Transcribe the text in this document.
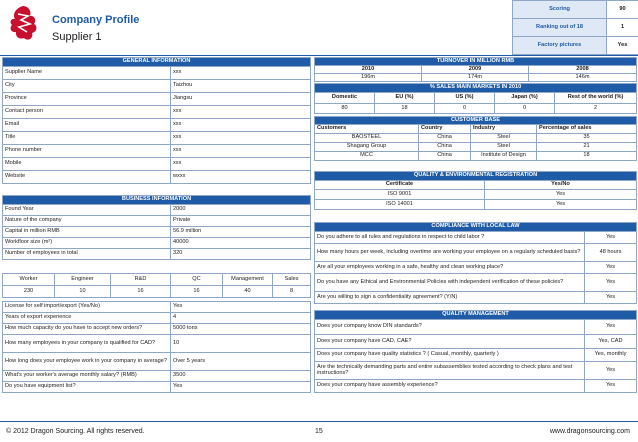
Company Profile
Supplier 1
Scoring	90
Ranking out of 18	1
Factory pictures	Yes
GENERAL INFORMATION	
Supplier Name	xxx
City	Taizhou
Province	Jiangsu
Contact person	xxx
Email	xxx
Title	xxx
Phone number	xxx
Mobile	xxx
Website	wxxx
BUSINESS INFORMATION	
Found Year	2000
Nature of the company	Private
Capital in million RMB	56.9 million
Workfloor size (m²)	40000
Number of employees in total	320
Worker	Engineer	R&D	QC	Management	Sales
230	10	16	16	40	8
License for self import/export (Yes/No)	Yes
Years of export experience	4
How much capacity do you have to accept new orders?	5000 tons
How many employees in your company is qualified for CAD?	10
How long does your employee work in your company in average?	Over 5 years
What's your worker's average monthly salary? (RMB)	3500
Do you have equipment list?	Yes
TURNOVER IN MILLION RMB		
2010	2009	2008
196m	174m	146m
% SALES MAIN MARKETS IN 2010				
Domestic	EU (%)	US (%)	Japan (%)	Rest of the world (%)
80	18	0	0	2
CUSTOMER BASE			
Customers	Country	Industry	Percentage of sales
BAOSTEEL	China	Steel	35
Shagang Group	China	Steel	21
MCC	China	Institute of Design	18
QUALITY & ENVIRONMENTAL REGISTRATION	
Certificate	Yes/No
ISO 9001	Yes
ISO 14001	Yes
COMPLIANCE WITH LOCAL LAW	
Do you adhere to all rules and regulations in respect to child labor ?	Yes
How many hours per week, including overtime are working your employee on a regularly scheduled basis?	48 hours
Are all your employees working in a safe, healthy and clean working place?	Yes
Do you have any Ethical and Environmental Policies with independent verification of these policies?	Yes
Are you willing to sign a confidentiality agreement? (Y/N)	Yes
QUALITY MANAGEMENT	
Does your company know DIN standards?	Yes
Does your company have CAD, CAE?	Yes, CAD
Does your company have quality statistics ? ( Casual, monthly, quarterly )	Yes, monthly
Are the technically demanding parts and entire subassemblies tested according to check plans and test instructions?	Yes
Does your company have assembly experience?	Yes
© 2012 Dragon Sourcing. All rights reserved.	15	www.dragonsourcing.com
